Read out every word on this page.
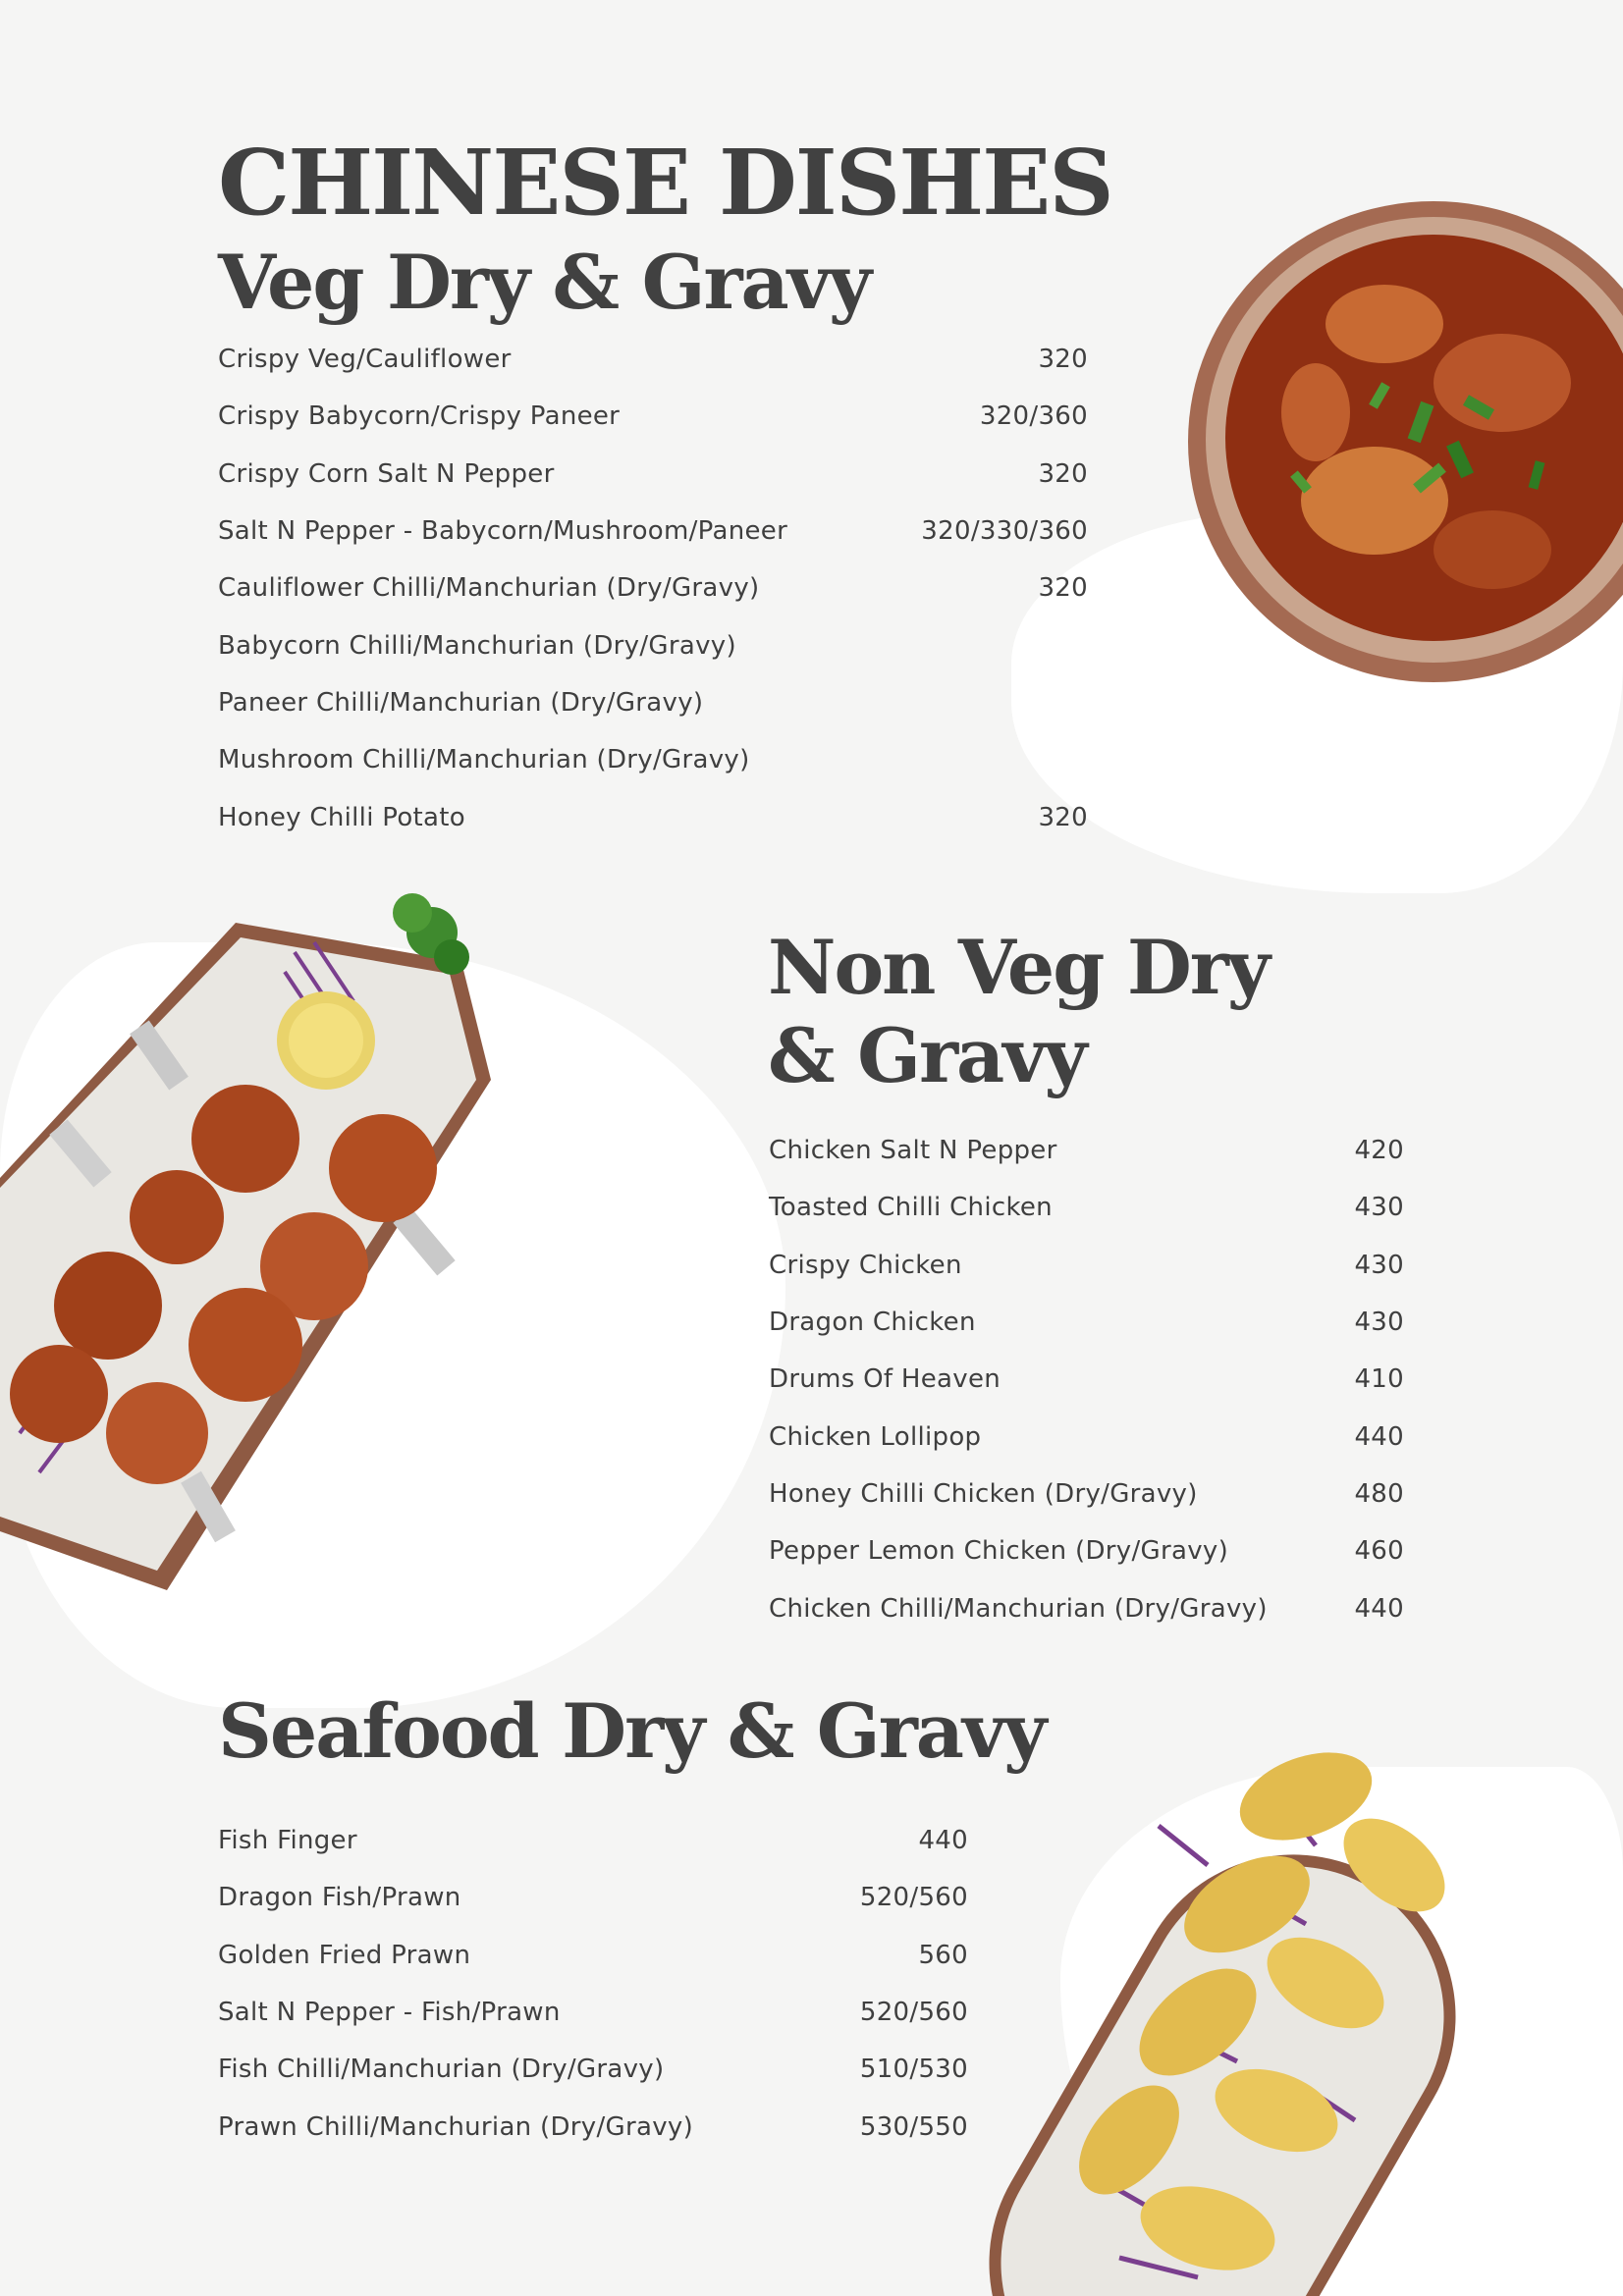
CHINESE DISHES
Veg Dry & Gravy
Crispy Veg/Cauliflower	320
Crispy Babycorn/Crispy Paneer	320/360
Crispy Corn Salt N Pepper	320
Salt N Pepper - Babycorn/Mushroom/Paneer	320/330/360
Cauliflower Chilli/Manchurian (Dry/Gravy)	320
Babycorn Chilli/Manchurian (Dry/Gravy)
Paneer Chilli/Manchurian (Dry/Gravy)
Mushroom Chilli/Manchurian (Dry/Gravy)
Honey Chilli Potato	320
Non Veg Dry
& Gravy
Chicken Salt N Pepper	420
Toasted Chilli Chicken	430
Crispy Chicken	430
Dragon Chicken	430
Drums Of Heaven	410
Chicken Lollipop	440
Honey Chilli Chicken (Dry/Gravy)	480
Pepper Lemon Chicken (Dry/Gravy)	460
Chicken Chilli/Manchurian (Dry/Gravy)	440
Seafood Dry & Gravy
Fish Finger	440
Dragon Fish/Prawn	520/560
Golden Fried Prawn	560
Salt N Pepper - Fish/Prawn	520/560
Fish Chilli/Manchurian (Dry/Gravy)	510/530
Prawn Chilli/Manchurian (Dry/Gravy)	530/550
